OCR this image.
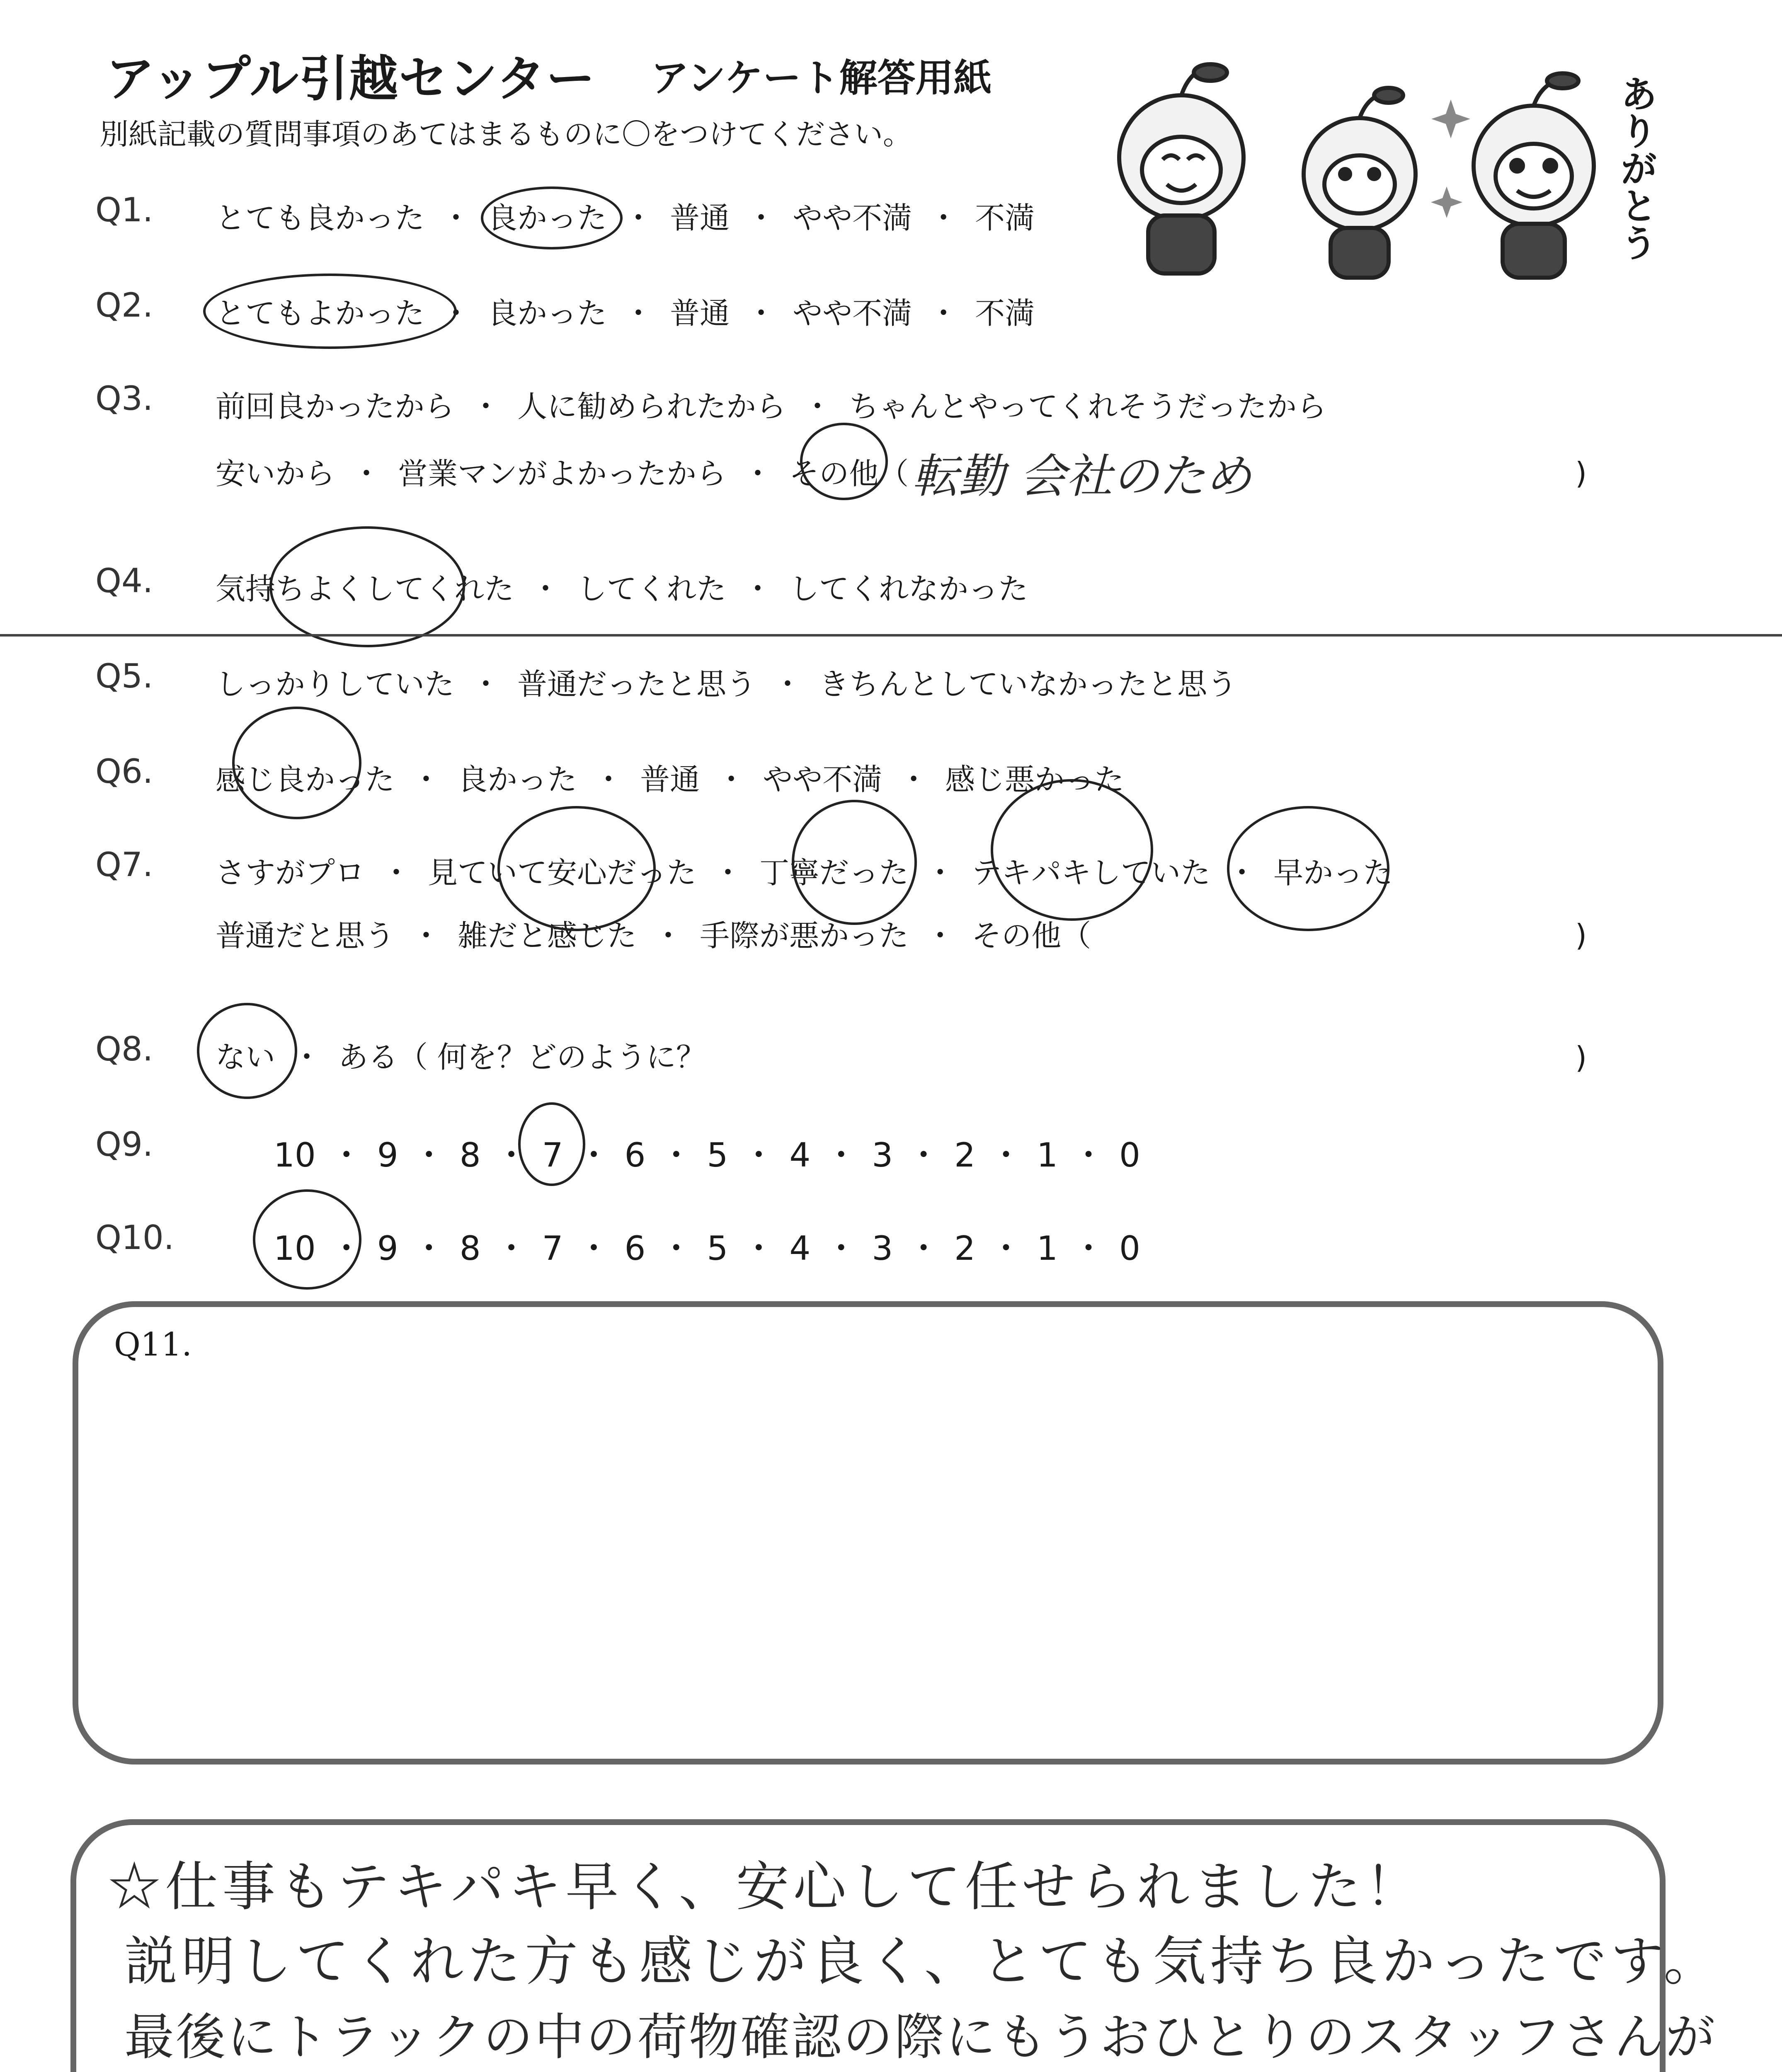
アップル引越センター アンケート解答用紙
別紙記載の質問事項のあてはまるものに〇をつけてください。	ありがとう
Q1. とても良かった ・ 良かった ・ 普通 ・ やや不満 ・ 不満
Q2. とてもよかった ・ 良かった ・ 普通 ・ やや不満 ・ 不満
Q3. 前回良かったから ・ 人に勧められたから ・ ちゃんとやってくれそうだったから
安いから ・ 営業マンがよかったから ・ その他（ 転勤 会社のため	)
Q4. 気持ちよくしてくれた ・ してくれた ・ してくれなかった
Q5. しっかりしていた ・ 普通だったと思う ・ きちんとしていなかったと思う
Q6. 感じ良かった ・ 良かった ・ 普通 ・ やや不満 ・ 感じ悪かった
Q7. さすがプロ ・ 見ていて安心だった ・ 丁寧だった ・ テキパキしていた ・ 早かった
普通だと思う ・ 雑だと感じた ・ 手際が悪かった ・ その他（	)
Q8. ない ・ ある（ 何を？どのように？	)
Q9.	10 ・ 9 ・ 8 ・ 7 ・ 6 ・ 5 ・ 4 ・ 3 ・ 2 ・ 1 ・ 0
Q10.	10 ・ 9 ・ 8 ・ 7 ・ 6 ・ 5 ・ 4 ・ 3 ・ 2 ・ 1 ・ 0
Q11.
☆仕事もテキパキ早く、安心して任せられました！
説明してくれた方も感じが良く、とても気持ち良かったです。
最後にトラックの中の荷物確認の際にもうおひとりのスタッフさんが
